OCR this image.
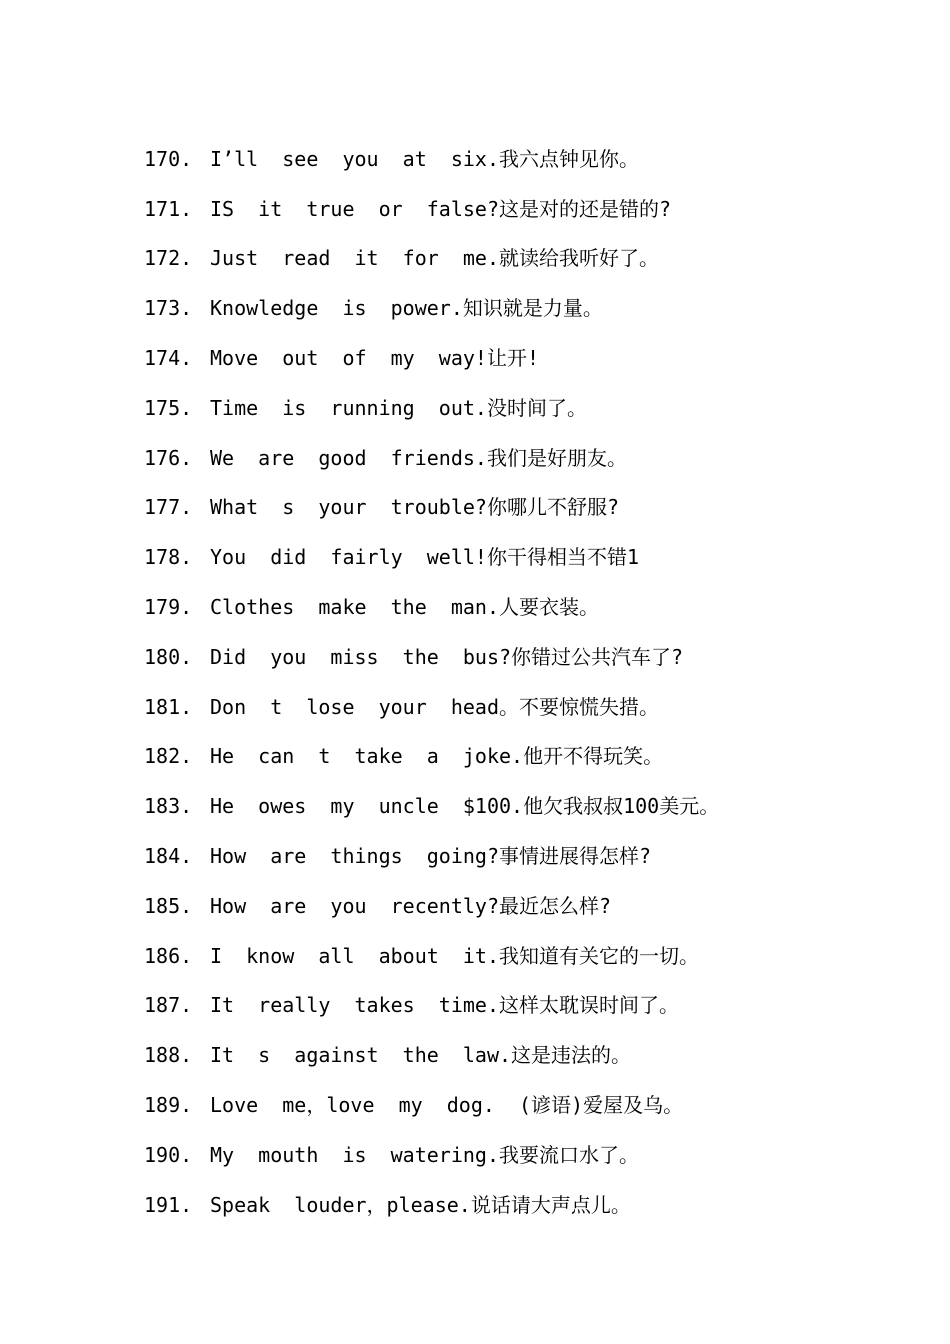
170. I’ll  see  you  at  six.我六点钟见你。
171. IS  it  true  or  false?这是对的还是错的?
172. Just  read  it  for  me.就读给我听好了。
173. Knowledge  is  power.知识就是力量。
174. Move  out  of  my  way!让开!
175. Time  is  running  out.没时间了。
176. We  are  good  friends.我们是好朋友。
177. What  s  your  trouble?你哪儿不舒服?
178. You  did  fairly  well!你干得相当不错1
179. Clothes  make  the  man.人要衣装。
180. Did  you  miss  the  bus?你错过公共汽车了?
181. Don  t  lose  your  head。不要惊慌失措。
182. He  can  t  take  a  joke.他开不得玩笑。
183. He  owes  my  uncle  $100.他欠我叔叔100美元。
184. How  are  things  going?事情进展得怎样?
185. How  are  you  recently?最近怎么样?
186. I  know  all  about  it.我知道有关它的一切。
187. It  really  takes  time.这样太耽误时间了。
188. It  s  against  the  law.这是违法的。
189. Love  me，love  my  dog.  (谚语)爱屋及乌。
190. My  mouth  is  watering.我要流口水了。
191. Speak  louder，please.说话请大声点儿。
